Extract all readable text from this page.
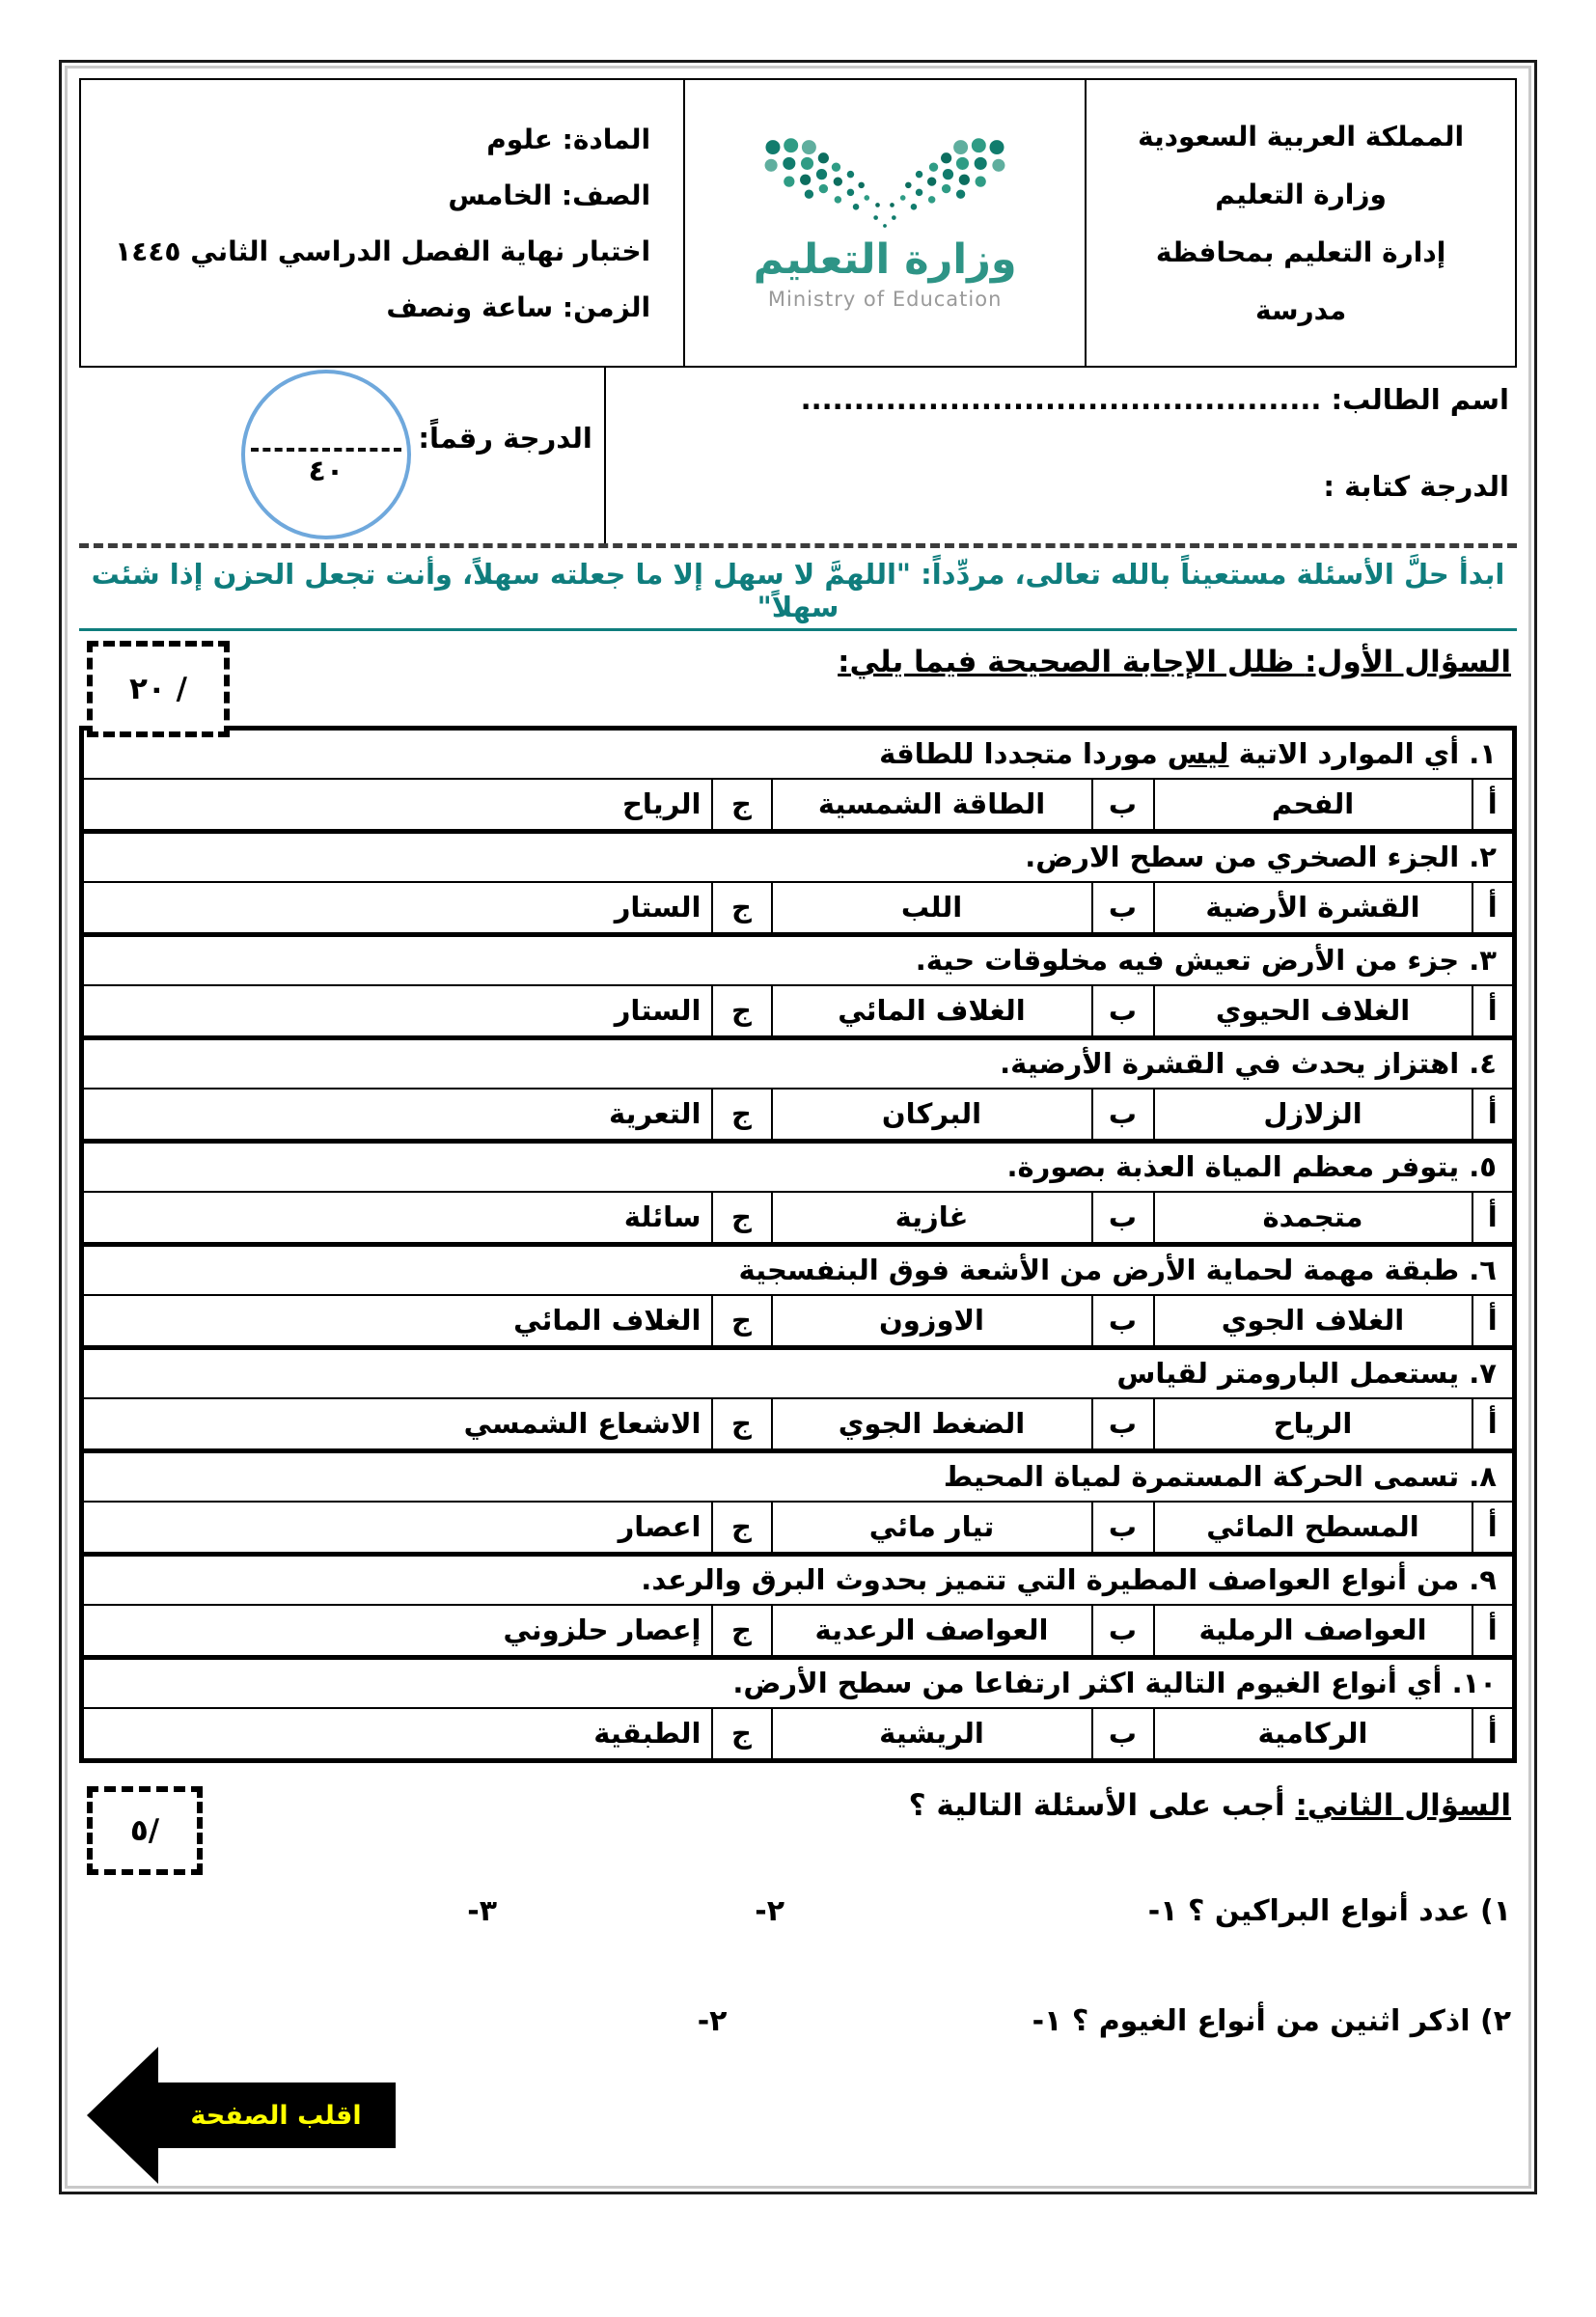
المملكة العربية السعودية
وزارة التعليم
إدارة التعليم بمحافظة
مدرسة
وزارة التعليم
Ministry of Education
المادة: علوم
الصف: الخامس
اختبار نهاية الفصل الدراسي الثاني ١٤٤٥
الزمن: ساعة ونصف
اسم الطالب: .................................................
الدرجة كتابة :
الدرجة رقماً:
٤٠
ابدأ حلَّ الأسئلة مستعيناً بالله تعالى، مردِّداً: "اللهمَّ لا سهل إلا ما جعلته سهلاً، وأنت تجعل الحزن إذا شئت سهلاً"
السؤال الأول: ظلل الإجابة الصحيحة فيما يلي:
٢٠ /
١. أي الموارد الاتية ليس موردا متجددا للطاقة					
أ	الفحم	ب	الطاقة الشمسية	ج	الرياح
٢. الجزء الصخري من سطح الارض.					
أ	القشرة الأرضية	ب	اللب	ج	الستار
٣. جزء من الأرض تعيش فيه مخلوقات حية.					
أ	الغلاف الحيوي	ب	الغلاف المائي	ج	الستار
٤. اهتزاز يحدث في القشرة الأرضية.					
أ	الزلازل	ب	البركان	ج	التعرية
٥. يتوفر معظم المياة العذبة بصورة.					
أ	متجمدة	ب	غازية	ج	سائلة
٦. طبقة مهمة لحماية الأرض من الأشعة فوق البنفسجية					
أ	الغلاف الجوي	ب	الاوزون	ج	الغلاف المائي
٧. يستعمل البارومتر لقياس					
أ	الرياح	ب	الضغط الجوي	ج	الاشعاع الشمسي
٨. تسمى الحركة المستمرة لمياة المحيط					
أ	المسطح المائي	ب	تيار مائي	ج	اعصار
٩. من أنواع العواصف المطيرة التي تتميز بحدوث البرق والرعد.					
أ	العواصف الرملية	ب	العواصف الرعدية	ج	إعصار حلزوني
١٠. أي أنواع الغيوم التالية اكثر ارتفاعا من سطح الأرض.					
أ	الركامية	ب	الريشية	ج	الطبقية
السؤال الثاني: أجب على الأسئلة التالية ؟
٥/
١) عدد أنواع البراكين ؟ ١-
٢-
٣-
٢) اذكر اثنين من أنواع الغيوم ؟ ١-
٢-
اقلب الصفحة
